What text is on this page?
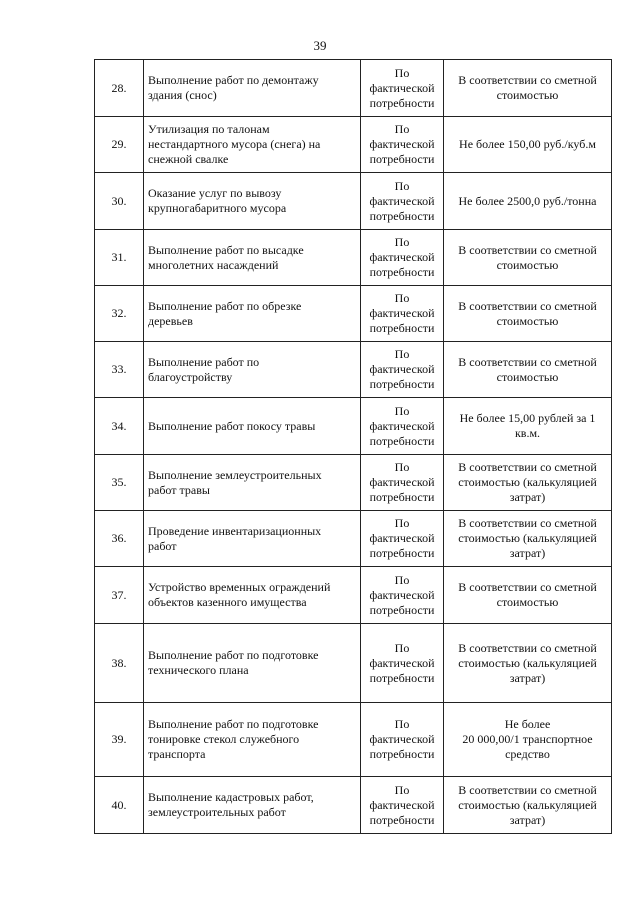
39
28.	Выполнение работ по демонтажу
здания (снос)	По
фактической
потребности	В соответствии со сметной
стоимостью

29.	Утилизация по талонам
нестандартного мусора (снега) на
снежной свалке	По
фактической
потребности	Не более 150,00 руб./куб.м

30.	Оказание услуг по вывозу
крупногабаритного мусора	По
фактической
потребности	Не более 2500,0 руб./тонна

31.	Выполнение работ по высадке
многолетних насаждений	По
фактической
потребности	В соответствии со сметной
стоимостью

32.	Выполнение работ по обрезке
деревьев	По
фактической
потребности	В соответствии со сметной
стоимостью

33.	Выполнение работ по
благоустройству	По
фактической
потребности	В соответствии со сметной
стоимостью

34.	Выполнение работ покосу травы	По
фактической
потребности	Не более 15,00 рублей за 1
кв.м.

35.	Выполнение землеустроительных
работ травы	По
фактической
потребности	В соответствии со сметной
стоимостью (калькуляцией
затрат)

36.	Проведение инвентаризационных
работ	По
фактической
потребности	В соответствии со сметной
стоимостью (калькуляцией
затрат)

37.	Устройство временных ограждений
объектов казенного имущества	По
фактической
потребности	В соответствии со сметной
стоимостью

38.	Выполнение работ по подготовке
технического плана	По
фактической
потребности	В соответствии со сметной
стоимостью (калькуляцией
затрат)

39.	Выполнение работ по подготовке
тонировке стекол служебного
транспорта	По
фактической
потребности	Не более
20 000,00/1 транспортное
средство

40.	Выполнение кадастровых работ,
землеустроительных работ	По
фактической
потребности	В соответствии со сметной
стоимостью (калькуляцией
затрат)
